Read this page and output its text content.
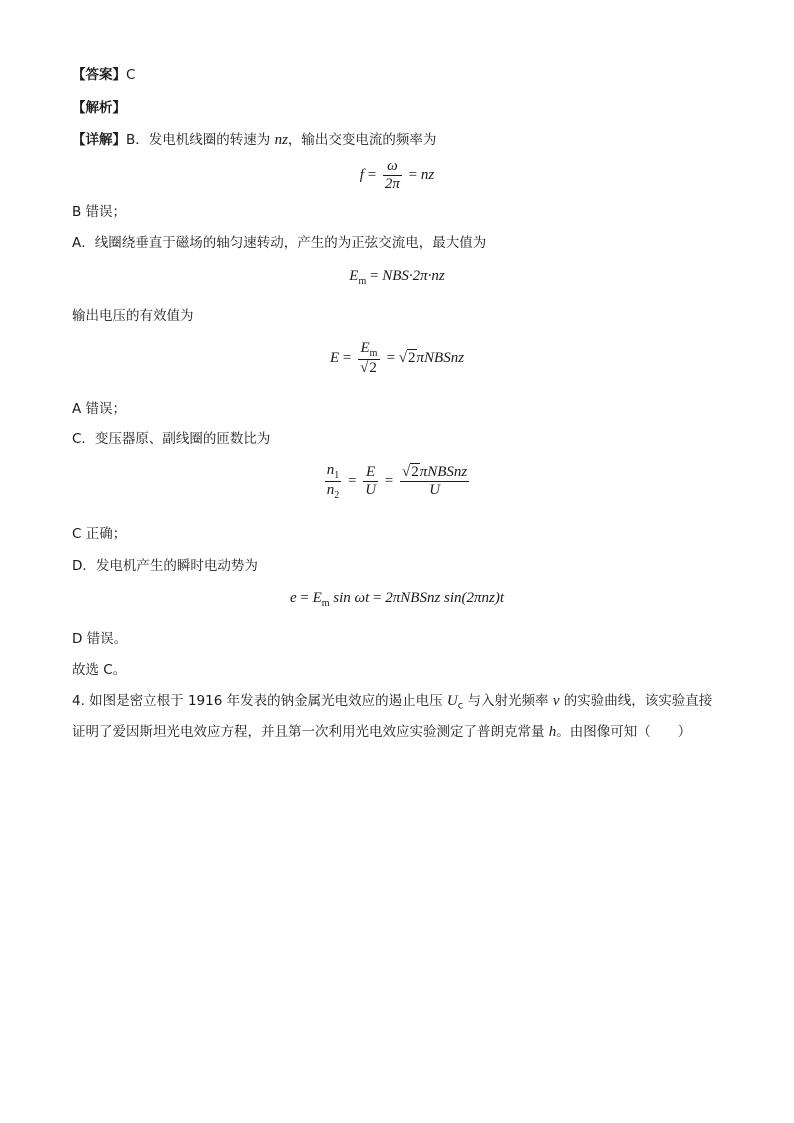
【答案】C
【解析】
【详解】B．发电机线圈的转速为 nz，输出交变电流的频率为
$f = \frac{\omega}{2\pi}$ = nz
B 错误；
A．线圈绕垂直于磁场的轴匀速转动，产生的为正弦交流电，最大值为
$E_m = NBS\cdot 2\pi\cdot nz$
输出电压的有效值为
$E = \frac{E_m}{√2}$ = √2πNBSnz
A 错误；
C．变压器原、副线圈的匝数比为
$\frac{n_1}{n_2} = \frac{E}{U} = \frac{\text{√2πNBSnz}}{U}$
C 正确；
D．发电机产生的瞬时电动势为
$e = E_m$ sin ωt = 2πNBSnz sin(2πnz)t
D 错误。
故选 C。
4. 如图是密立根于 1916 年发表的钠金属光电效应的遏止电压 $U_c$ 与入射光频率 ν 的实验曲线，该实验直接
证明了爱因斯坦光电效应方程，并且第一次利用光电效应实验测定了普朗克常量 h。由图像可知（　　）
